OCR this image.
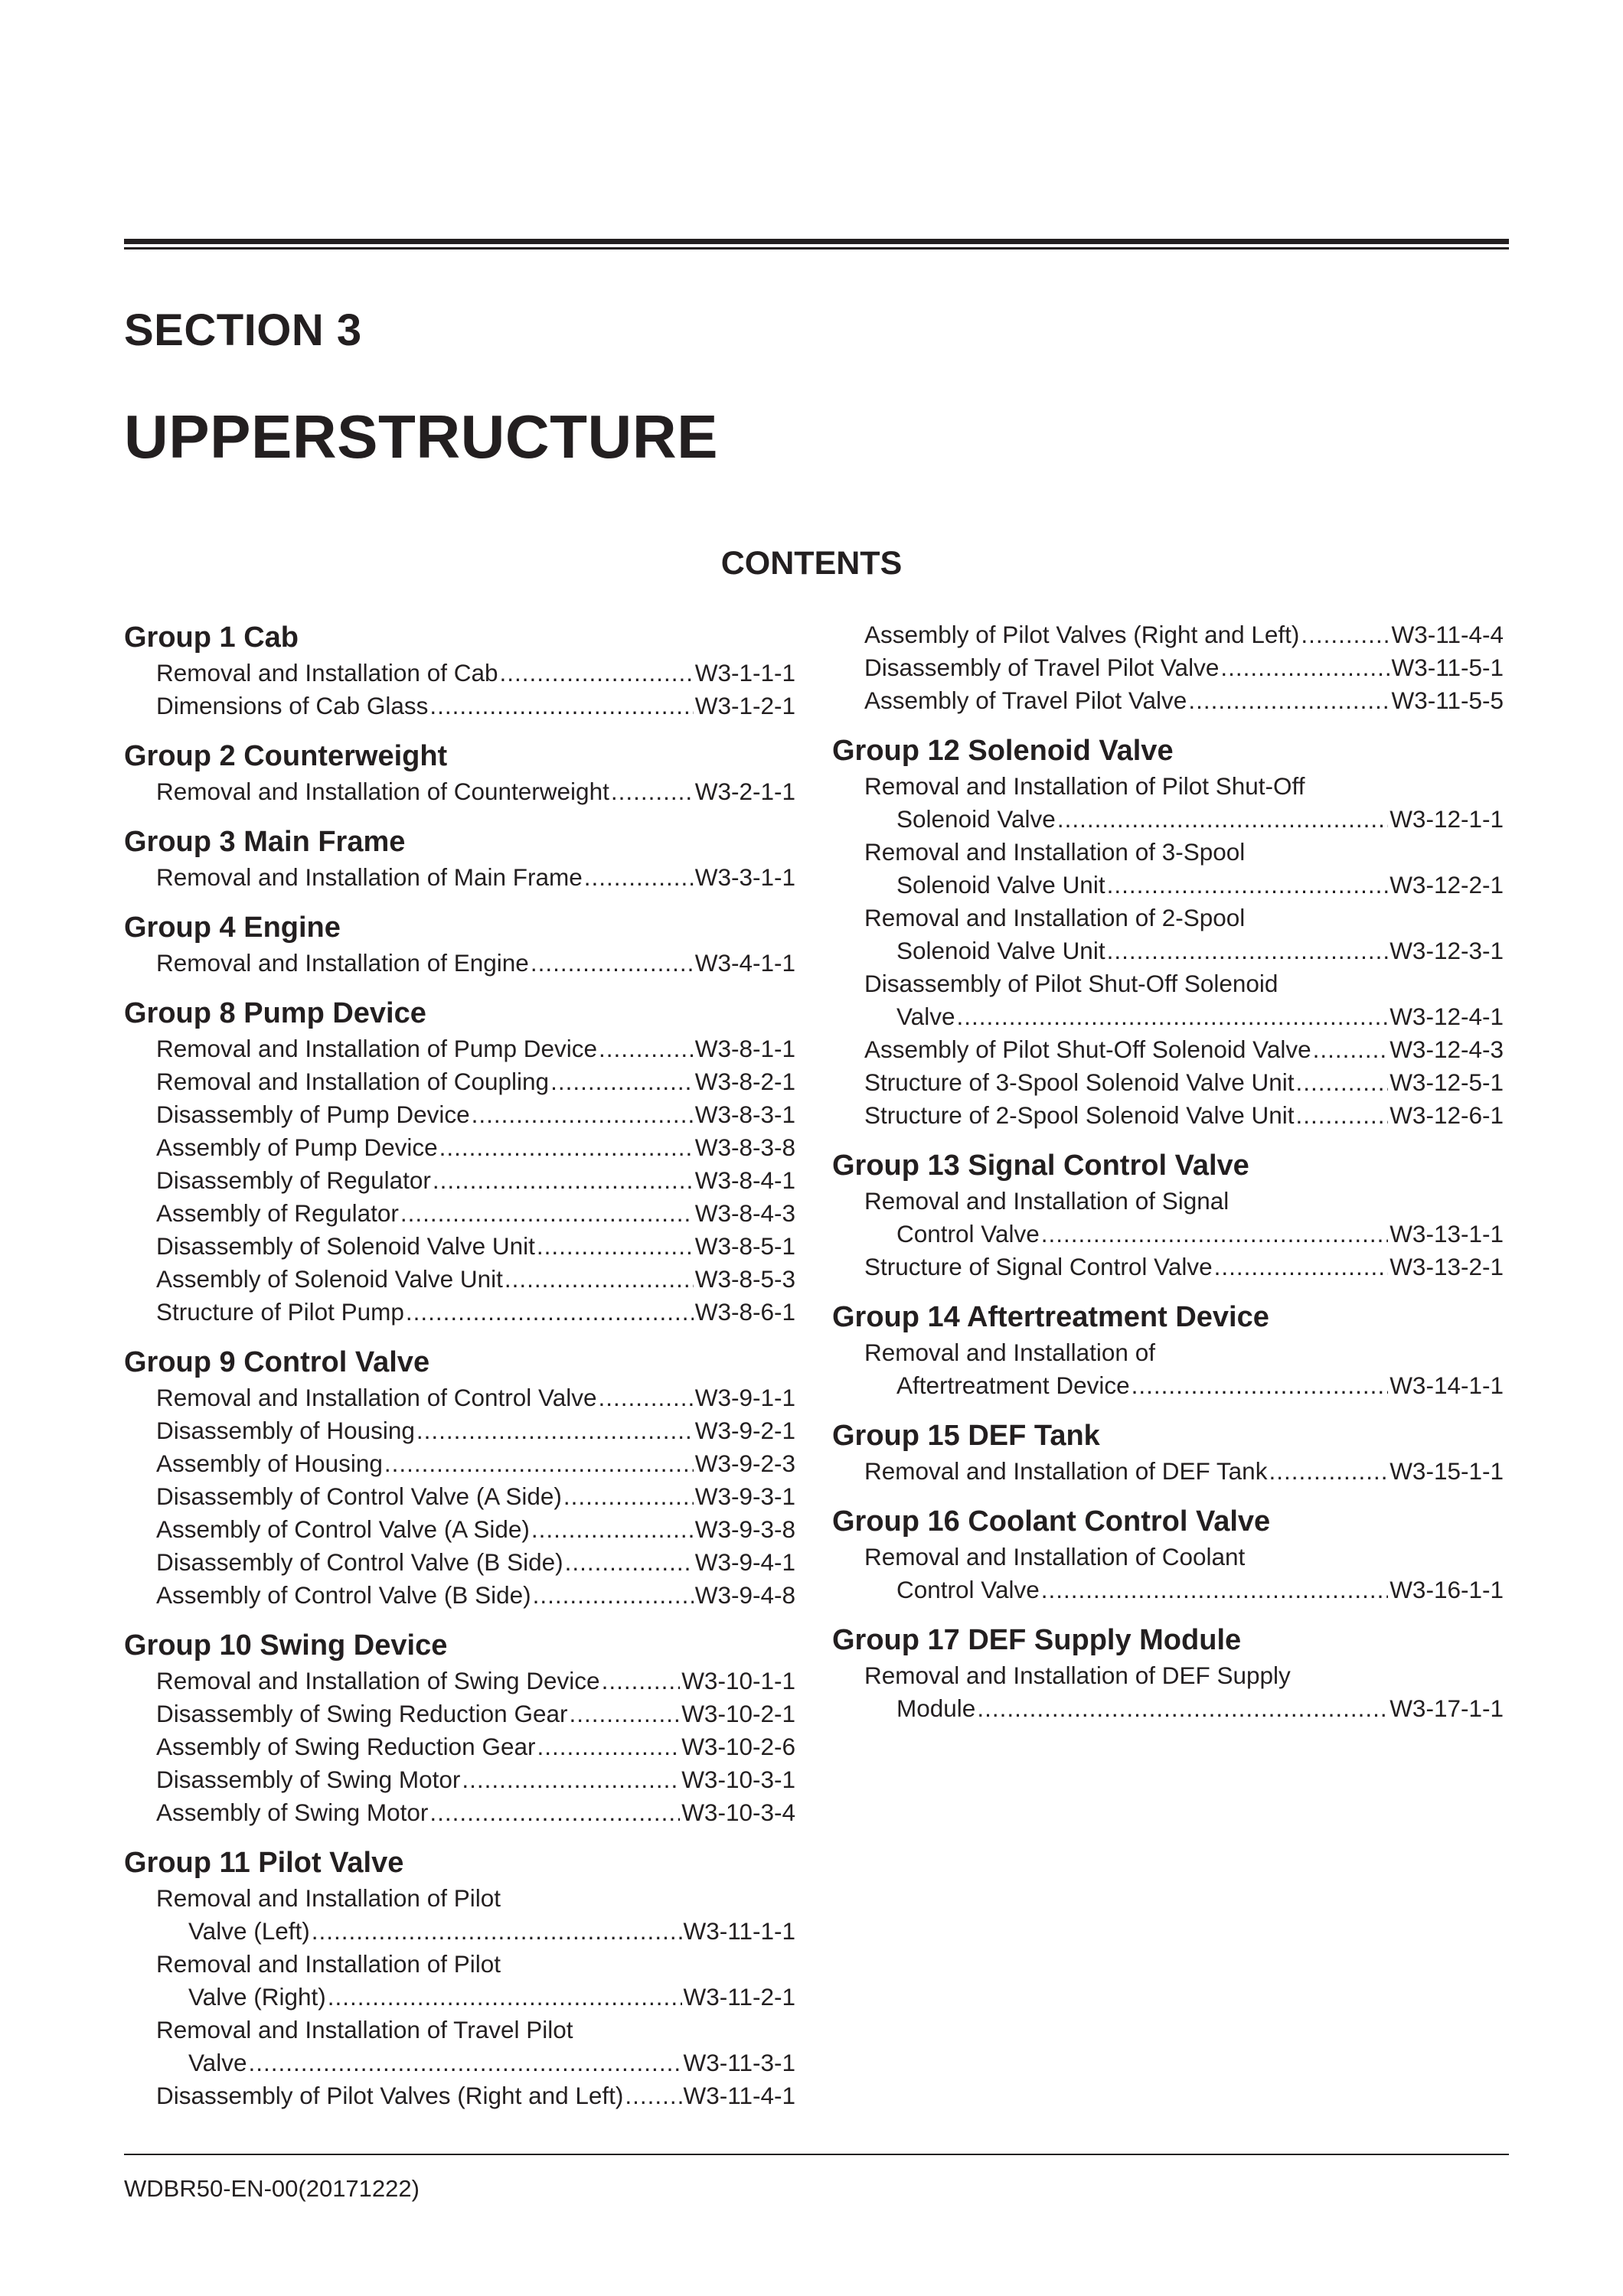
SECTION 3
UPPERSTRUCTURE
CONTENTS
Group 1 Cab
Removal and Installation of Cab .....	W3-1-1-1
Dimensions of Cab Glass .....	W3-1-2-1
Group 2 Counterweight
Removal and Installation of Counterweight .....	W3-2-1-1
Group 3 Main Frame
Removal and Installation of Main Frame .....	W3-3-1-1
Group 4 Engine
Removal and Installation of Engine .....	W3-4-1-1
Group 8 Pump Device
Removal and Installation of Pump Device .....	W3-8-1-1
Removal and Installation of Coupling .....	W3-8-2-1
Disassembly of Pump Device .....	W3-8-3-1
Assembly of Pump Device .....	W3-8-3-8
Disassembly of Regulator .....	W3-8-4-1
Assembly of Regulator .....	W3-8-4-3
Disassembly of Solenoid Valve Unit .....	W3-8-5-1
Assembly of Solenoid Valve Unit .....	W3-8-5-3
Structure of Pilot Pump .....	W3-8-6-1
Group 9 Control Valve
Removal and Installation of Control Valve .....	W3-9-1-1
Disassembly of Housing .....	W3-9-2-1
Assembly of Housing .....	W3-9-2-3
Disassembly of Control Valve (A Side) .....	W3-9-3-1
Assembly of Control Valve (A Side) .....	W3-9-3-8
Disassembly of Control Valve (B Side) .....	W3-9-4-1
Assembly of Control Valve (B Side) .....	W3-9-4-8
Group 10 Swing Device
Removal and Installation of Swing Device .....	W3-10-1-1
Disassembly of Swing Reduction Gear .....	W3-10-2-1
Assembly of Swing Reduction Gear .....	W3-10-2-6
Disassembly of Swing Motor .....	W3-10-3-1
Assembly of Swing Motor .....	W3-10-3-4
Group 11 Pilot Valve
Removal and Installation of Pilot
Valve (Left) .....	W3-11-1-1
Removal and Installation of Pilot
Valve (Right) .....	W3-11-2-1
Removal and Installation of Travel Pilot
Valve .....	W3-11-3-1
Disassembly of Pilot Valves (Right and Left) ..... W3-11-4-1
Assembly of Pilot Valves (Right and Left) .....	W3-11-4-4
Disassembly of Travel Pilot Valve .....	W3-11-5-1
Assembly of Travel Pilot Valve .....	W3-11-5-5
Group 12 Solenoid Valve
Removal and Installation of Pilot Shut-Off
Solenoid Valve .....	W3-12-1-1
Removal and Installation of 3-Spool
Solenoid Valve Unit .....	W3-12-2-1
Removal and Installation of 2-Spool
Solenoid Valve Unit .....	W3-12-3-1
Disassembly of Pilot Shut-Off Solenoid
Valve .....	W3-12-4-1
Assembly of Pilot Shut-Off Solenoid Valve .....	W3-12-4-3
Structure of 3-Spool Solenoid Valve Unit .....	W3-12-5-1
Structure of 2-Spool Solenoid Valve Unit .....	W3-12-6-1
Group 13 Signal Control Valve
Removal and Installation of Signal
Control Valve .....	W3-13-1-1
Structure of Signal Control Valve .....	W3-13-2-1
Group 14 Aftertreatment Device
Removal and Installation of
Aftertreatment Device .....	W3-14-1-1
Group 15 DEF Tank
Removal and Installation of DEF Tank .....	W3-15-1-1
Group 16 Coolant Control Valve
Removal and Installation of Coolant
Control Valve .....	W3-16-1-1
Group 17 DEF Supply Module
Removal and Installation of DEF Supply
Module .....	W3-17-1-1
WDBR50-EN-00(20171222)
